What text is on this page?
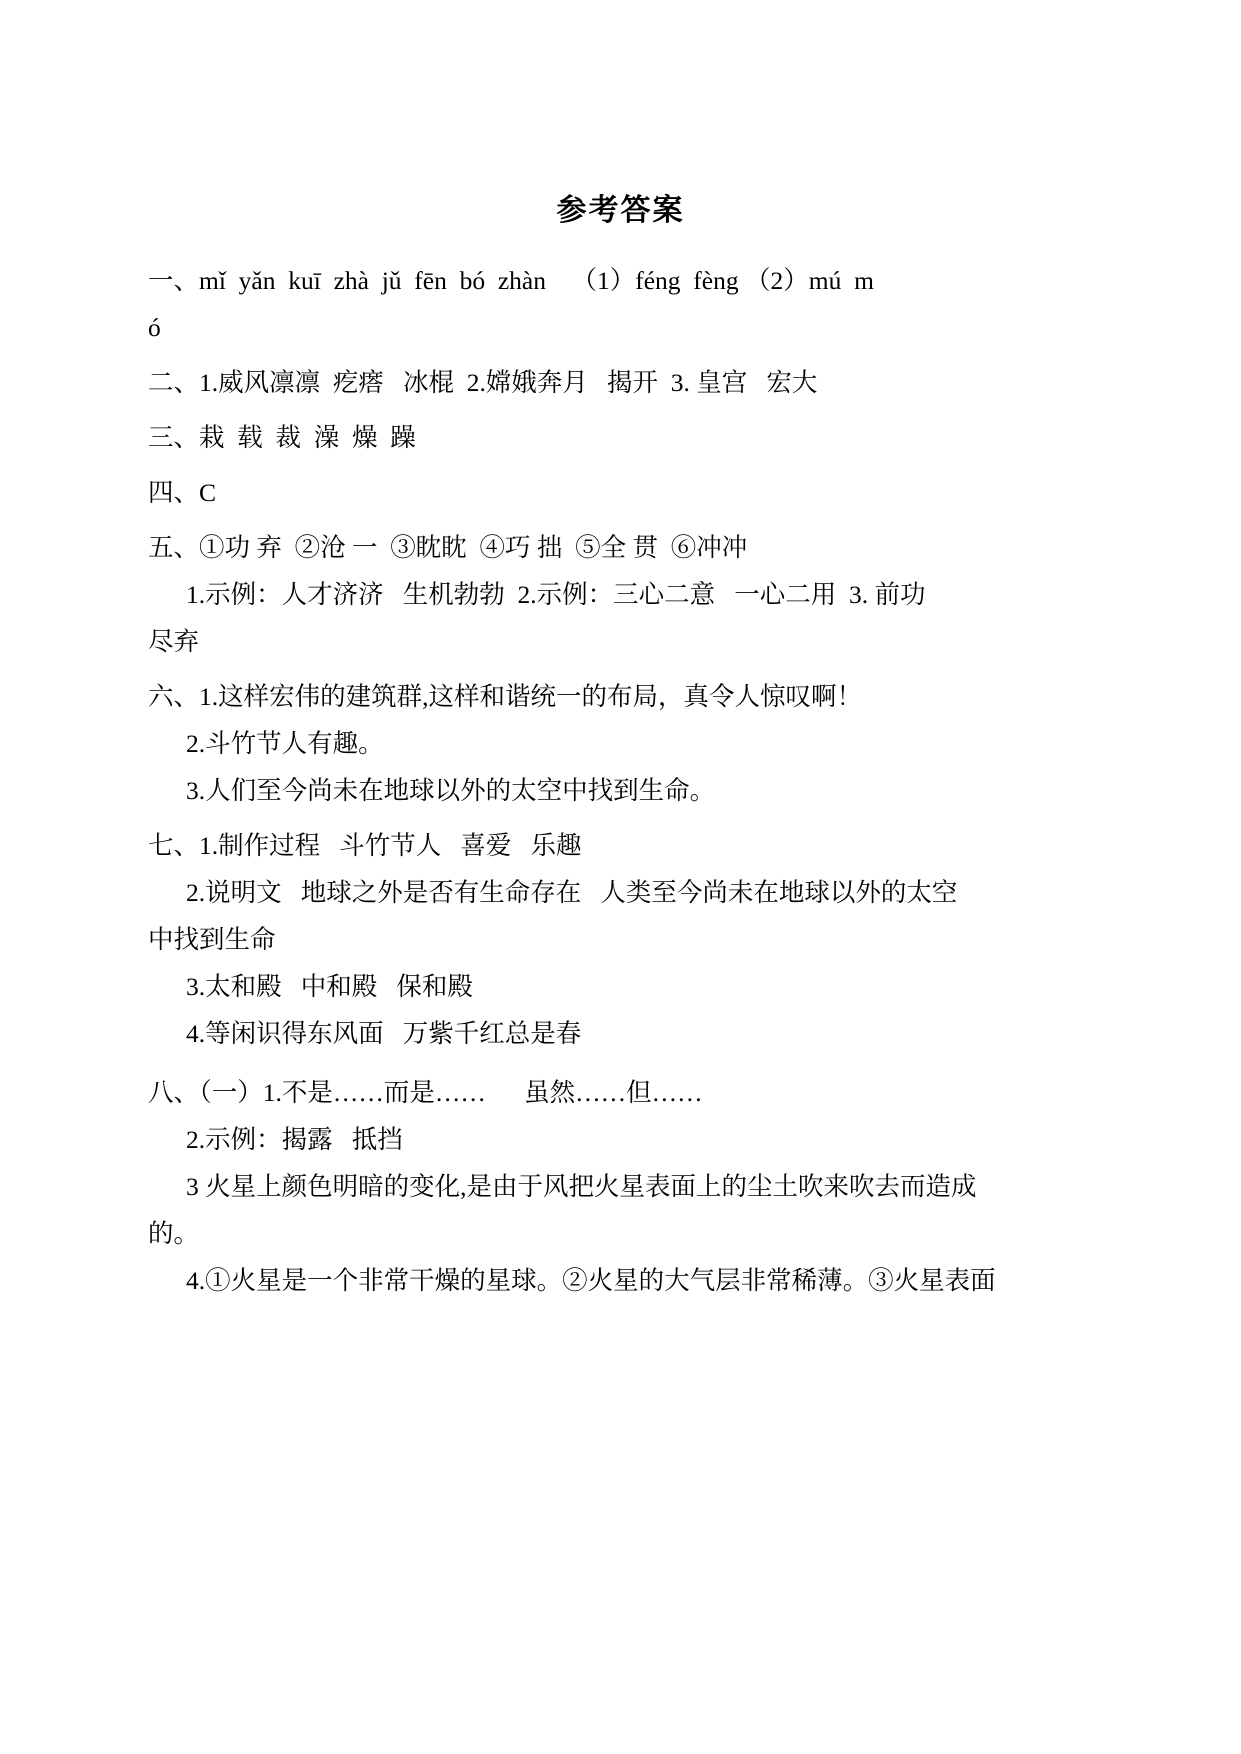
参考答案

一、mǐ  yǎn  kuī  zhà  jǔ  fēn  bó  zhàn    （1）féng  fèng （2）mú  m

ó

二、1.威风凛凛  疙瘩   冰棍  2.嫦娥奔月   揭开  3. 皇宫   宏大

三、栽  载  裁  澡  燥  躁

四、C

五、①功 弃  ②沧 一  ③眈眈  ④巧 拙  ⑤全 贯  ⑥冲冲

1.示例：人才济济   生机勃勃  2.示例：三心二意   一心二用  3. 前功

尽弃

六、1.这样宏伟的建筑群,这样和谐统一的布局，真令人惊叹啊！

2.斗竹节人有趣。

3.人们至今尚未在地球以外的太空中找到生命。

七、1.制作过程   斗竹节人   喜爱   乐趣

2.说明文   地球之外是否有生命存在   人类至今尚未在地球以外的太空

中找到生命

3.太和殿   中和殿   保和殿

4.等闲识得东风面   万紫千红总是春

八、（一）1.不是……而是……      虽然……但……

2.示例：揭露   抵挡

3 火星上颜色明暗的变化,是由于风把火星表面上的尘土吹来吹去而造成

的。

4.①火星是一个非常干燥的星球。②火星的大气层非常稀薄。③火星表面
